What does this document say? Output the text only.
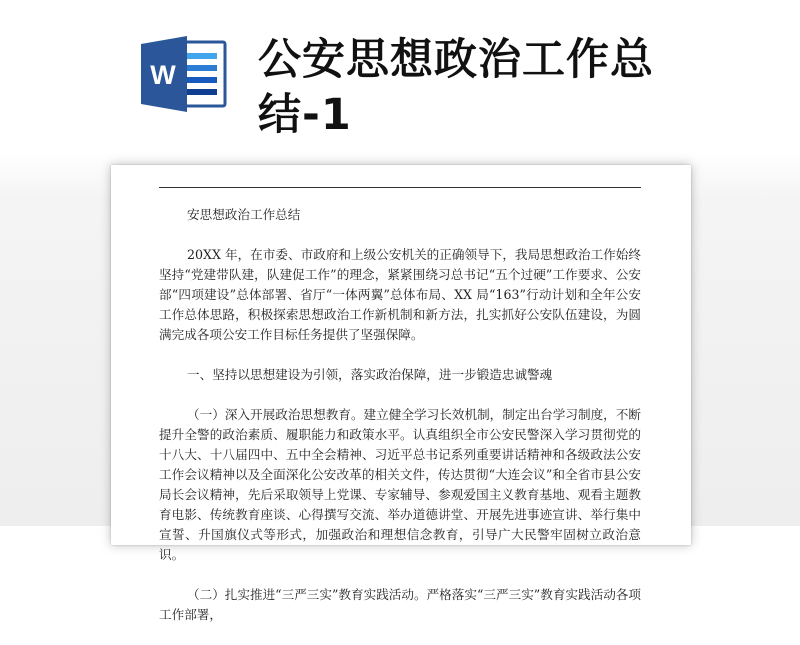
W 公安思想政治工作总结-1

安思想政治工作总结

20XX 年，在市委、市政府和上级公安机关的正确领导下，我局思想政治工作始终坚持“党建带队建，队建促工作”的理念，紧紧围绕习总书记“五个过硬”工作要求、公安部“四项建设”总体部署、省厅“一体两翼”总体布局、XX 局“163”行动计划和全年公安工作总体思路，积极探索思想政治工作新机制和新方法，扎实抓好公安队伍建设，为圆满完成各项公安工作目标任务提供了坚强保障。

一、坚持以思想建设为引领，落实政治保障，进一步锻造忠诚警魂

（一）深入开展政治思想教育。建立健全学习长效机制，制定出台学习制度，不断提升全警的政治素质、履职能力和政策水平。认真组织全市公安民警深入学习贯彻党的十八大、十八届四中、五中全会精神、习近平总书记系列重要讲话精神和各级政法公安工作会议精神以及全面深化公安改革的相关文件，传达贯彻“大连会议”和全省市县公安局长会议精神，先后采取领导上党课、专家辅导、参观爱国主义教育基地、观看主题教育电影、传统教育座谈、心得撰写交流、举办道德讲堂、开展先进事迹宣讲、举行集中宣誓、升国旗仪式等形式，加强政治和理想信念教育，引导广大民警牢固树立政治意识。

（二）扎实推进“三严三实”教育实践活动。严格落实“三严三实”教育实践活动各项工作部署，
